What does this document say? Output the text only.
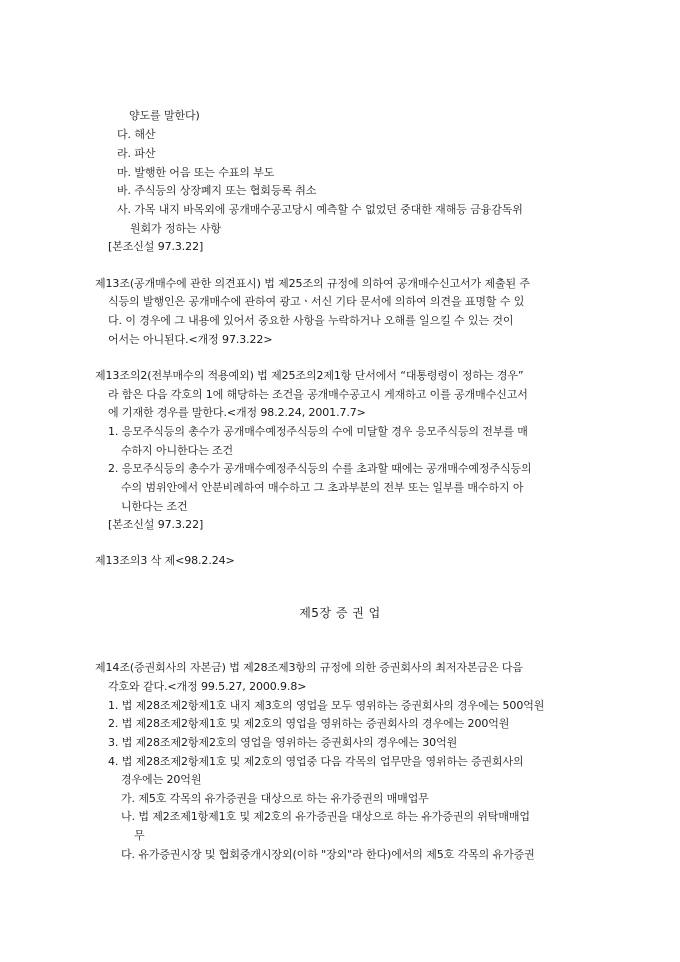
양도를 말한다)
다. 해산
라. 파산
마. 발행한 어음 또는 수표의 부도
바. 주식등의 상장폐지 또는 협회등록 취소
사. 가목 내지 바목외에 공개매수공고당시 예측할 수 없었던 중대한 재해등 금융감독위
원회가 정하는 사항
[본조신설 97.3.22]
제13조(공개매수에 관한 의견표시) 법 제25조의 규정에 의하여 공개매수신고서가 제출된 주
식등의 발행인은 공개매수에 관하여 광고ㆍ서신 기타 문서에 의하여 의견을 표명할 수 있
다. 이 경우에 그 내용에 있어서 중요한 사항을 누락하거나 오해를 일으킬 수 있는 것이
어서는 아니된다.<개정 97.3.22>
제13조의2(전부매수의 적용예외) 법 제25조의2제1항 단서에서 “대통령령이 정하는 경우”
라 함은 다음 각호의 1에 해당하는 조건을 공개매수공고시 게재하고 이를 공개매수신고서
에 기재한 경우를 말한다.<개정 98.2.24, 2001.7.7>
1. 응모주식등의 총수가 공개매수예정주식등의 수에 미달할 경우 응모주식등의 전부를 매
수하지 아니한다는 조건
2. 응모주식등의 총수가 공개매수예정주식등의 수를 초과할 때에는 공개매수예정주식등의
수의 범위안에서 안분비례하여 매수하고 그 초과부분의 전부 또는 일부를 매수하지 아
니한다는 조건
[본조신설 97.3.22]
제13조의3 삭 제<98.2.24>
제5장 증 권 업
제14조(증권회사의 자본금) 법 제28조제3항의 규정에 의한 증권회사의 최저자본금은 다음
각호와 같다.<개정 99.5.27, 2000.9.8>
1. 법 제28조제2항제1호 내지 제3호의 영업을 모두 영위하는 증권회사의 경우에는 500억원
2. 법 제28조제2항제1호 및 제2호의 영업을 영위하는 증권회사의 경우에는 200억원
3. 법 제28조제2항제2호의 영업을 영위하는 증권회사의 경우에는 30억원
4. 법 제28조제2항제1호 및 제2호의 영업중 다음 각목의 업무만을 영위하는 증권회사의
경우에는 20억원
가. 제5호 각목의 유가증권을 대상으로 하는 유가증권의 매매업무
나. 법 제2조제1항제1호 및 제2호의 유가증권을 대상으로 하는 유가증권의 위탁매매업
무
다. 유가증권시장 및 협회중개시장외(이하 "장외"라 한다)에서의 제5호 각목의 유가증권
